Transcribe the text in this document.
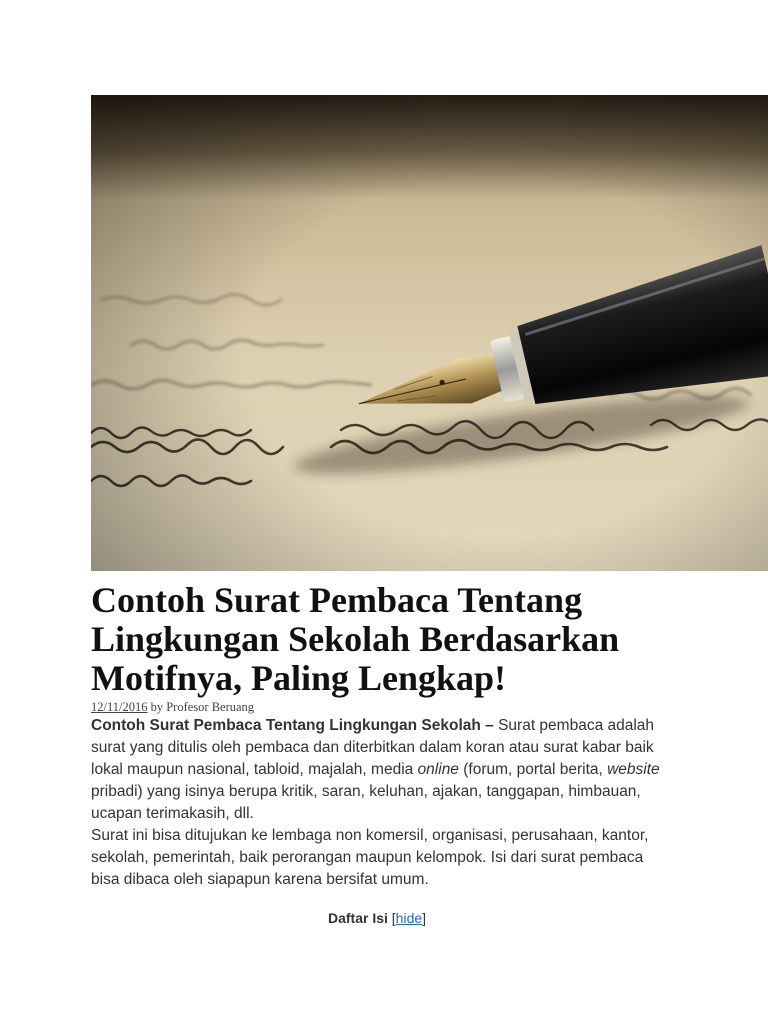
Contoh Surat Pembaca Tentang Lingkungan Sekolah Berdasarkan Motifnya, Paling Lengkap!
12/11/2016 by Profesor Beruang

Contoh Surat Pembaca Tentang Lingkungan Sekolah – Surat pembaca adalah surat yang ditulis oleh pembaca dan diterbitkan dalam koran atau surat kabar baik lokal maupun nasional, tabloid, majalah, media online (forum, portal berita, website pribadi) yang isinya berupa kritik, saran, keluhan, ajakan, tanggapan, himbauan, ucapan terimakasih, dll.

Surat ini bisa ditujukan ke lembaga non komersil, organisasi, perusahaan, kantor, sekolah, pemerintah, baik perorangan maupun kelompok. Isi dari surat pembaca bisa dibaca oleh siapapun karena bersifat umum.

Daftar Isi [hide]
